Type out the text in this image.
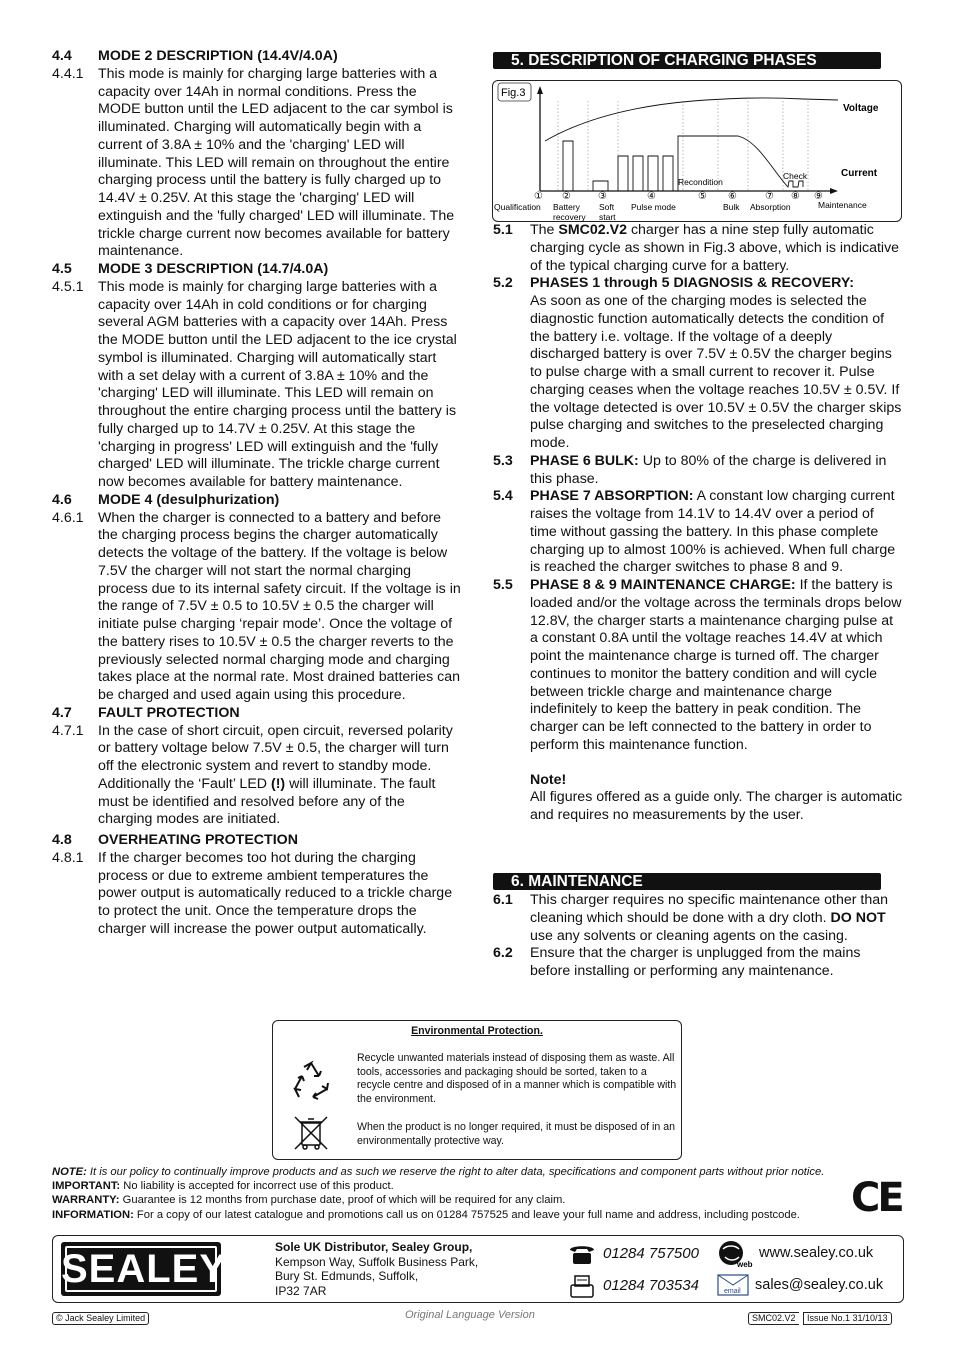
4.4	MODE 2 DESCRIPTION (14.4V/4.0A)
4.4.1	This mode is mainly for charging large batteries with a capacity over 14Ah in normal conditions. Press the MODE button until the LED adjacent to the car symbol is illuminated. Charging will automatically begin with a current of 3.8A ± 10% and the 'charging' LED will illuminate. This LED will remain on throughout the entire charging process until the battery is fully charged up to 14.4V ± 0.25V. At this stage the 'charging' LED will extinguish and the 'fully charged' LED will illuminate. The trickle charge current now becomes available for battery maintenance.
4.5	MODE 3 DESCRIPTION (14.7/4.0A)
4.5.1	This mode is mainly for charging large batteries with a capacity over 14Ah in cold conditions or for charging several AGM batteries with a capacity over 14Ah. Press the MODE button until the LED adjacent to the ice crystal symbol is illuminated. Charging will automatically start with a set delay with a current of 3.8A ± 10% and the 'charging' LED will illuminate. This LED will remain on throughout the entire charging process until the battery is fully charged up to 14.7V ± 0.25V. At this stage the 'charging in progress' LED will extinguish and the 'fully charged' LED will illuminate. The trickle charge current now becomes available for battery maintenance.
4.6	MODE 4 (desulphurization)
4.6.1	When the charger is connected to a battery and before the charging process begins the charger automatically detects the voltage of the battery. If the voltage is below 7.5V the charger will not start the normal charging process due to its internal safety circuit. If the voltage is in the range of 7.5V ± 0.5 to 10.5V ± 0.5 the charger will initiate pulse charging ‘repair mode’. Once the voltage of the battery rises to 10.5V ± 0.5 the charger reverts to the previously selected normal charging mode and charging takes place at the normal rate. Most drained batteries can be charged and used again using this procedure.
4.7	FAULT PROTECTION
4.7.1	In the case of short circuit, open circuit, reversed polarity or battery voltage below 7.5V ± 0.5, the charger will turn off the electronic system and revert to standby mode. Additionally the ‘Fault’ LED (!) will illuminate. The fault must be identified and resolved before any of the charging modes are initiated.
4.8	OVERHEATING PROTECTION
4.8.1	If the charger becomes too hot during the charging process or due to extreme ambient temperatures the power output is automatically reduced to a trickle charge to protect the unit. Once the temperature drops the charger will increase the power output automatically.
5. DESCRIPTION OF CHARGING PHASES
Fig.3
Voltage
Current
Recondition
Check
① ②	③	④	⑤ ⑥	⑦ ⑧ ⑨
Qualification Battery
recovery
Soft
start
Pulse mode	Bulk Absorption	Maintenance
5.1	The SMC02.V2 charger has a nine step fully automatic charging cycle as shown in Fig.3 above, which is indicative of the typical charging curve for a battery.
5.2	PHASES 1 through 5 DIAGNOSIS & RECOVERY:
As soon as one of the charging modes is selected the diagnostic function automatically detects the condition of the battery i.e. voltage. If the voltage of a deeply discharged battery is over 7.5V ± 0.5V the charger begins to pulse charge with a small current to recover it. Pulse charging ceases when the voltage reaches 10.5V ± 0.5V. If the voltage detected is over 10.5V ± 0.5V the charger skips pulse charging and switches to the preselected charging mode.
5.3	PHASE 6 BULK: Up to 80% of the charge is delivered in this phase.
5.4	PHASE 7 ABSORPTION: A constant low charging current raises the voltage from 14.1V to 14.4V over a period of time without gassing the battery. In this phase complete charging up to almost 100% is achieved. When full charge is reached the charger switches to phase 8 and 9.
5.5	PHASE 8 & 9 MAINTENANCE CHARGE: If the battery is loaded and/or the voltage across the terminals drops below 12.8V, the charger starts a maintenance charging pulse at a constant 0.8A until the voltage reaches 14.4V at which point the maintenance charge is turned off. The charger continues to monitor the battery condition and will cycle between trickle charge and maintenance charge indefinitely to keep the battery in peak condition. The charger can be left connected to the battery in order to perform this maintenance function.
Note!
All figures offered as a guide only. The charger is automatic and requires no measurements by the user.
6. MAINTENANCE
6.1	This charger requires no specific maintenance other than cleaning which should be done with a dry cloth. DO NOT use any solvents or cleaning agents on the casing.
6.2	Ensure that the charger is unplugged from the mains before installing or performing any maintenance.
Environmental Protection.
Recycle unwanted materials instead of disposing them as waste. All tools, accessories and packaging should be sorted, taken to a recycle centre and disposed of in a manner which is compatible with the environment.
When the product is no longer required, it must be disposed of in an environmentally protective way.
NOTE: It is our policy to continually improve products and as such we reserve the right to alter data, specifications and component parts without prior notice.
IMPORTANT: No liability is accepted for incorrect use of this product.
WARRANTY: Guarantee is 12 months from purchase date, proof of which will be required for any claim.
INFORMATION: For a copy of our latest catalogue and promotions call us on 01284 757525 and leave your full name and address, including postcode.	CE
SEALEY	Sole UK Distributor, Sealey Group,
Kempson Way, Suffolk Business Park,
Bury St. Edmunds, Suffolk,
IP32 7AR
01284 757500
01284 703534
web
www.sealey.co.uk
email sales@sealey.co.uk
© Jack Sealey Limited	Original Language Version	SMC02.V2	Issue No.1 31/10/13
